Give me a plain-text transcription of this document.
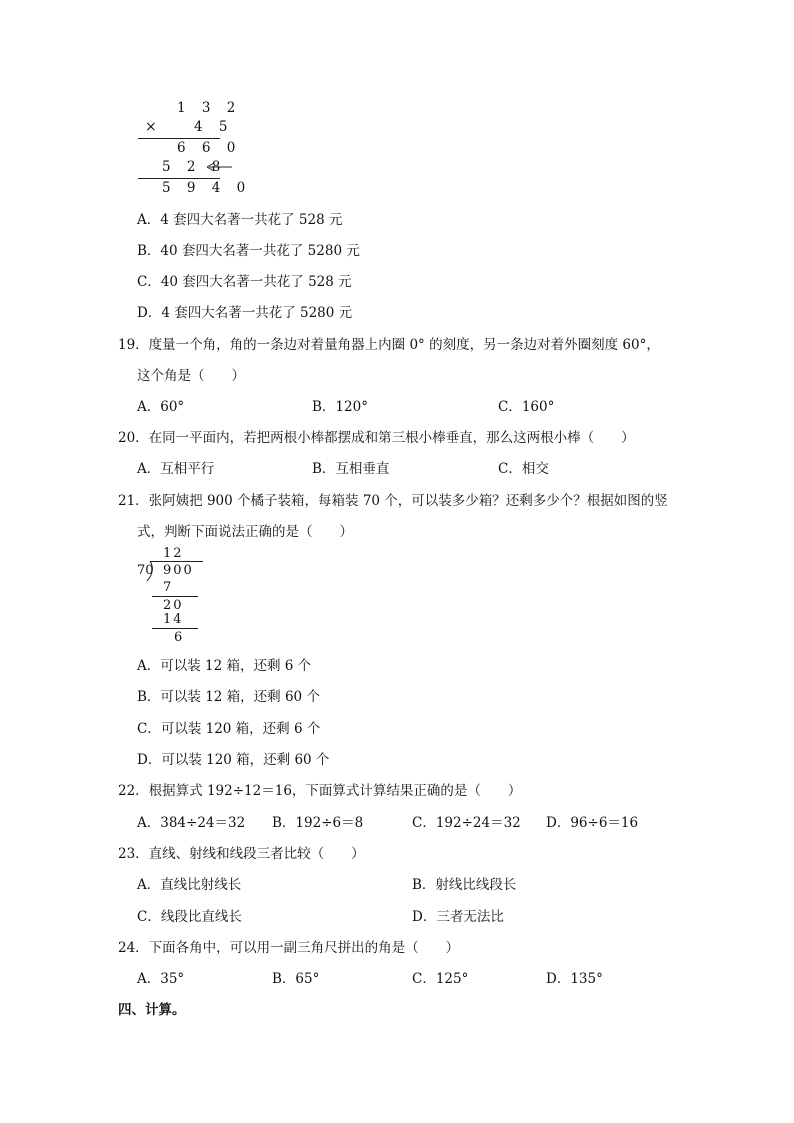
1 3 2
×	4 5
6 6 0
5 2 8
5 9 4 0
A．4 套四大名著一共花了 528 元
B．40 套四大名著一共花了 5280 元
C．40 套四大名著一共花了 528 元
D．4 套四大名著一共花了 5280 元
19．度量一个角，角的一条边对着量角器上内圈 0° 的刻度，另一条边对着外圈刻度 60°，
这个角是（　　）
A．60°	B．120°	C．160°
20．在同一平面内，若把两根小棒都摆成和第三根小棒垂直，那么这两根小棒（　　）
A．互相平行	B．互相垂直	C．相交
21．张阿姨把 900 个橘子装箱，每箱装 70 个，可以装多少箱？还剩多少个？根据如图的竖
式，判断下面说法正确的是（　　）
12
70 900
7
20
14
6
A．可以装 12 箱，还剩 6 个
B．可以装 12 箱，还剩 60 个
C．可以装 120 箱，还剩 6 个
D．可以装 120 箱，还剩 60 个
22．根据算式 192÷12＝16，下面算式计算结果正确的是（　　）
A．384÷24＝32 B．192÷6＝8	C．192÷24＝32 D．96÷6＝16
23．直线、射线和线段三者比较（　　）
A．直线比射线长	B．射线比线段长
C．线段比直线长	D．三者无法比
24．下面各角中，可以用一副三角尺拼出的角是（　　）
A．35°	B．65°	C．125°	D．135°
四、计算。
